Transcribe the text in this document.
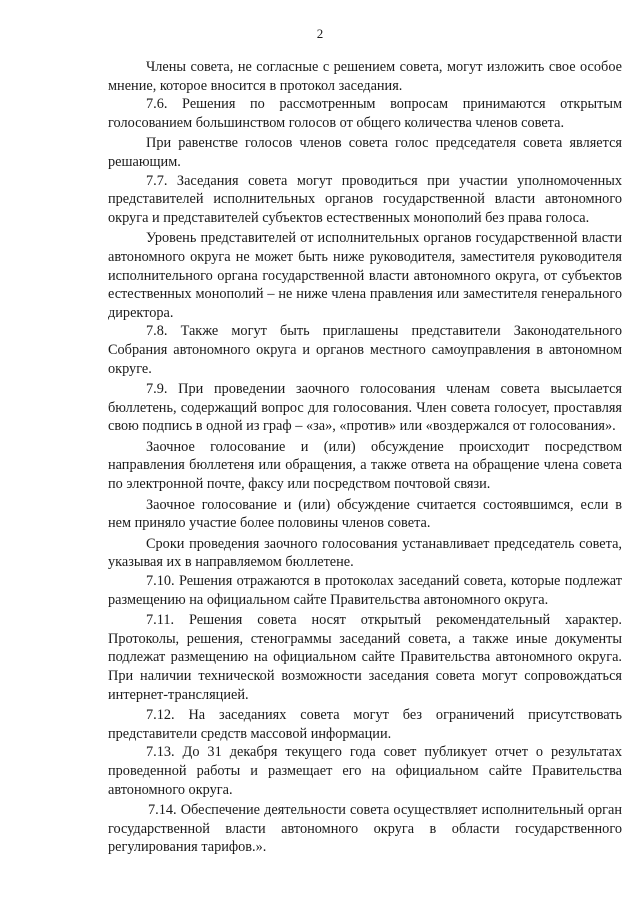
2

Члены совета, не согласные с решением совета, могут изложить свое особое мнение, которое вносится в протокол заседания.

7.6. Решения по рассмотренным вопросам принимаются открытым голосованием большинством голосов от общего количества членов совета.

При равенстве голосов членов совета голос председателя совета является решающим.

7.7. Заседания совета могут проводиться при участии уполномоченных представителей исполнительных органов государственной власти автономного округа и представителей субъектов естественных монополий без права голоса.

Уровень представителей от исполнительных органов государственной власти автономного округа не может быть ниже руководителя, заместителя руководителя исполнительного органа государственной власти автономного округа, от субъектов естественных монополий – не ниже члена правления или заместителя генерального директора.

7.8. Также могут быть приглашены представители Законодательного Собрания автономного округа и органов местного самоуправления в автономном округе.

7.9. При проведении заочного голосования членам совета высылается бюллетень, содержащий вопрос для голосования. Член совета голосует, проставляя свою подпись в одной из граф – «за», «против» или «воздержался от голосования».

Заочное голосование и (или) обсуждение происходит посредством направления бюллетеня или обращения, а также ответа на обращение члена совета по электронной почте, факсу или посредством почтовой связи.

Заочное голосование и (или) обсуждение считается состоявшимся, если в нем приняло участие более половины членов совета.

Сроки проведения заочного голосования устанавливает председатель совета, указывая их в направляемом бюллетене.

7.10. Решения отражаются в протоколах заседаний совета, которые подлежат размещению на официальном сайте Правительства автономного округа.

7.11. Решения совета носят открытый рекомендательный характер. Протоколы, решения, стенограммы заседаний совета, а также иные документы подлежат размещению на официальном сайте Правительства автономного округа. При наличии технической возможности заседания совета могут сопровождаться интернет-трансляцией.

7.12. На заседаниях совета могут без ограничений присутствовать представители средств массовой информации.

7.13. До 31 декабря текущего года совет публикует отчет о результатах проведенной работы и размещает его на официальном сайте Правительства автономного округа.

7.14. Обеспечение деятельности совета осуществляет исполнительный орган государственной власти автономного округа в области государственного регулирования тарифов.».
